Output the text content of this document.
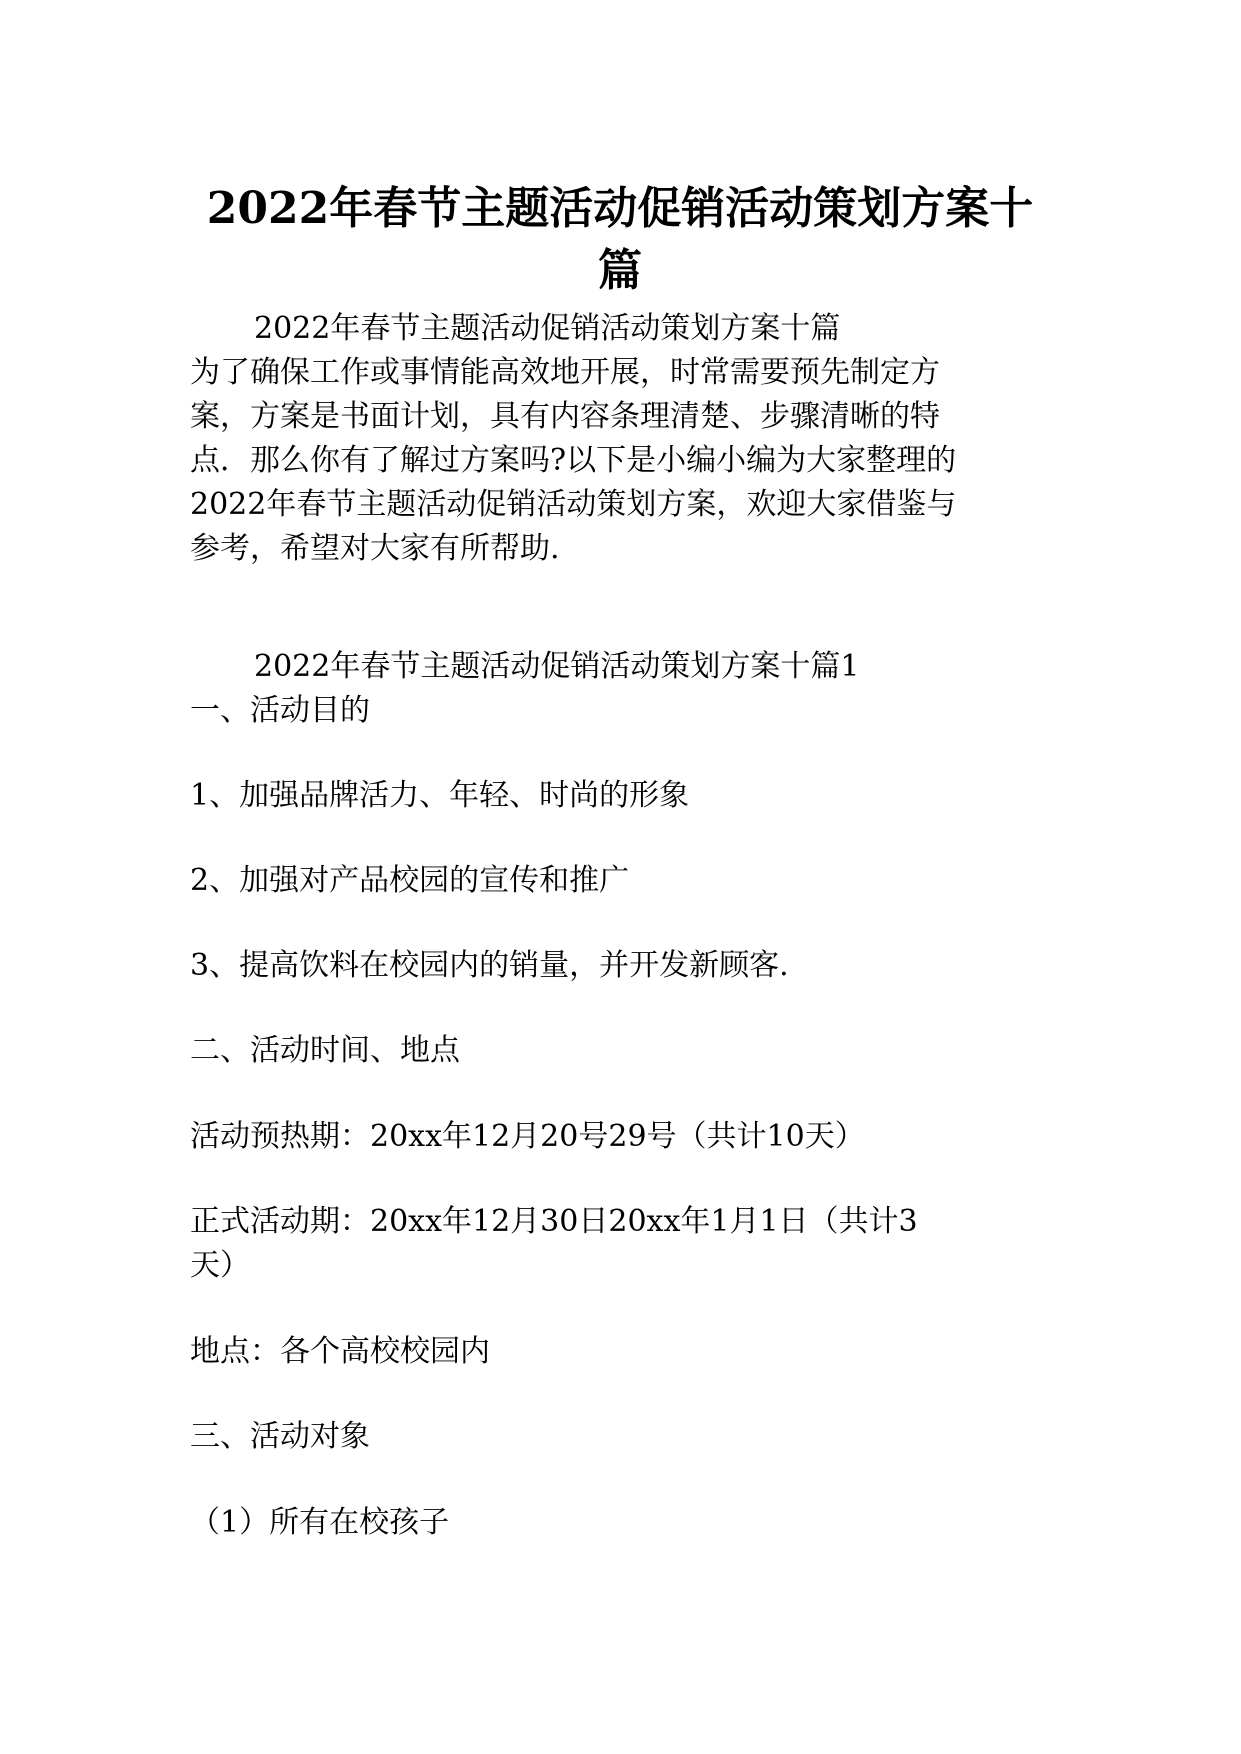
2022年春节主题活动促销活动策划方案十
篇
2022年春节主题活动促销活动策划方案十篇
为了确保工作或事情能高效地开展，时常需要预先制定方
案，方案是书面计划，具有内容条理清楚、步骤清晰的特
点．那么你有了解过方案吗?以下是小编小编为大家整理的
2022年春节主题活动促销活动策划方案，欢迎大家借鉴与
参考，希望对大家有所帮助.
2022年春节主题活动促销活动策划方案十篇1
一、活动目的

1、加强品牌活力、年轻、时尚的形象

2、加强对产品校园的宣传和推广

3、提高饮料在校园内的销量，并开发新顾客.

二、活动时间、地点

活动预热期：20xx年12月20号29号（共计10天）

正式活动期：20xx年12月30日20xx年1月1日（共计3
天）

地点：各个高校校园内

三、活动对象

（1）所有在校孩子
